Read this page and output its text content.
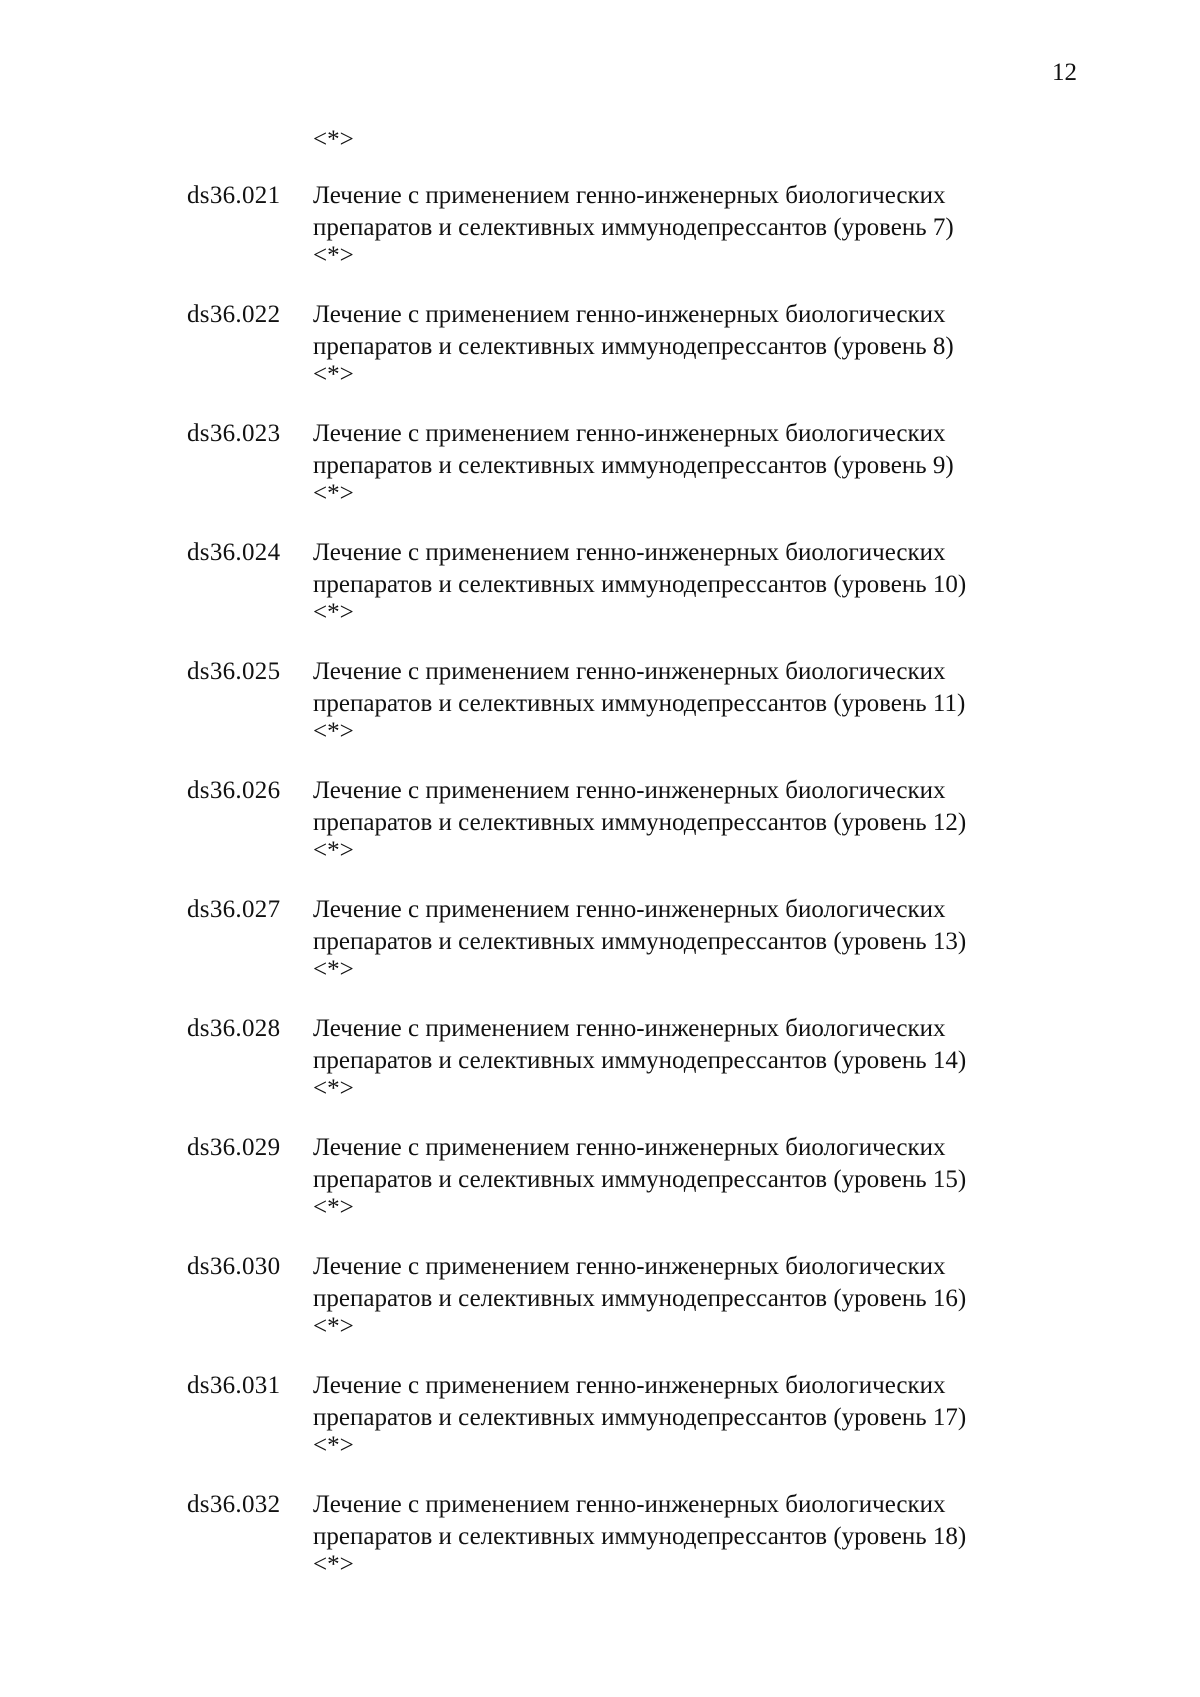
12
<*>
ds36.021 Лечение с применением генно-инженерных биологических
препаратов и селективных иммунодепрессантов (уровень 7)
<*>
ds36.022 Лечение с применением генно-инженерных биологических
препаратов и селективных иммунодепрессантов (уровень 8)
<*>
ds36.023 Лечение с применением генно-инженерных биологических
препаратов и селективных иммунодепрессантов (уровень 9)
<*>
ds36.024 Лечение с применением генно-инженерных биологических
препаратов и селективных иммунодепрессантов (уровень 10)
<*>
ds36.025 Лечение с применением генно-инженерных биологических
препаратов и селективных иммунодепрессантов (уровень 11)
<*>
ds36.026 Лечение с применением генно-инженерных биологических
препаратов и селективных иммунодепрессантов (уровень 12)
<*>
ds36.027 Лечение с применением генно-инженерных биологических
препаратов и селективных иммунодепрессантов (уровень 13)
<*>
ds36.028 Лечение с применением генно-инженерных биологических
препаратов и селективных иммунодепрессантов (уровень 14)
<*>
ds36.029 Лечение с применением генно-инженерных биологических
препаратов и селективных иммунодепрессантов (уровень 15)
<*>
ds36.030 Лечение с применением генно-инженерных биологических
препаратов и селективных иммунодепрессантов (уровень 16)
<*>
ds36.031 Лечение с применением генно-инженерных биологических
препаратов и селективных иммунодепрессантов (уровень 17)
<*>
ds36.032 Лечение с применением генно-инженерных биологических
препаратов и селективных иммунодепрессантов (уровень 18)
<*>
